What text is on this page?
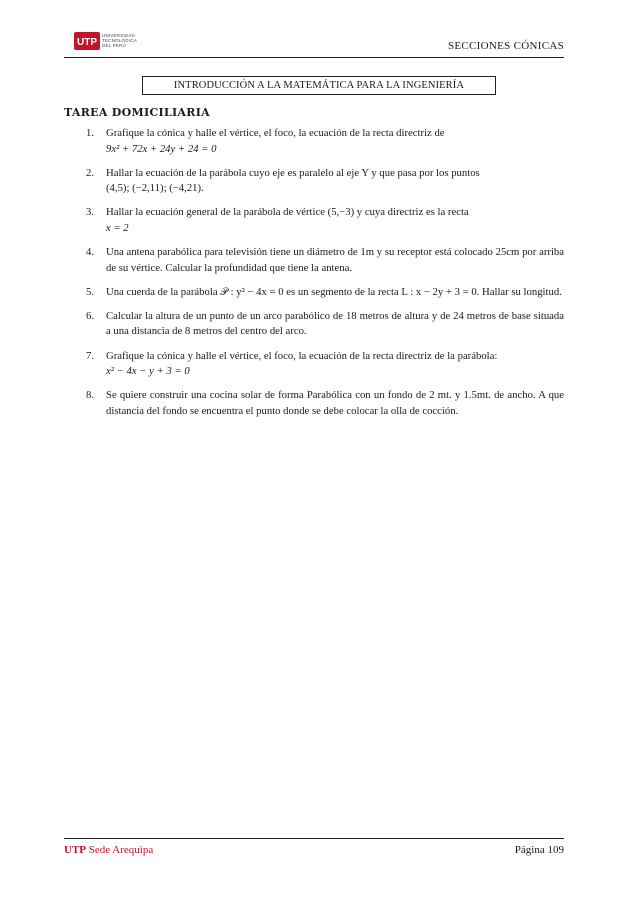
UTP
UNIVERSIDAD
TECNOLÓGICA
DEL PERÚ	SECCIONES CÓNICAS
INTRODUCCIÓN A LA MATEMÁTICA PARA LA INGENIERÍA
TAREA DOMICILIARIA
1. Grafique la cónica y halle el vértice, el foco, la ecuación de la recta directriz de
9x² + 72x + 24y + 24 = 0
2. Hallar la ecuación de la parábola cuyo eje es paralelo al eje Y y que pasa por los puntos
(4,5); (−2,11); (−4,21).
3. Hallar la ecuación general de la parábola de vértice (5,−3) y cuya directriz es la recta
x = 2
4. Una antena parabólica para televisión tiene un diámetro de 1m y su receptor está colocado 25cm por arriba de su vértice. Calcular la profundidad que tiene la antena.
5. Una cuerda de la parábola 𝒫 : y² − 4x = 0 es un segmento de la recta L : x − 2y + 3 = 0. Hallar su longitud.
6. Calcular la altura de un punto de un arco parabólico de 18 metros de altura y de 24 metros de base situada a una distancia de 8 metros del centro del arco.
7. Grafique la cónica y halle el vértice, el foco, la ecuación de la recta directriz de la parábola:
x² − 4x − y + 3 = 0
8. Se quiere construir una cocina solar de forma Parabólica con un fondo de 2 mt. y 1.5mt. de ancho. A que distancia del fondo se encuentra el punto donde se debe colocar la olla de cocción.
UTP Sede Arequipa	Página 109
